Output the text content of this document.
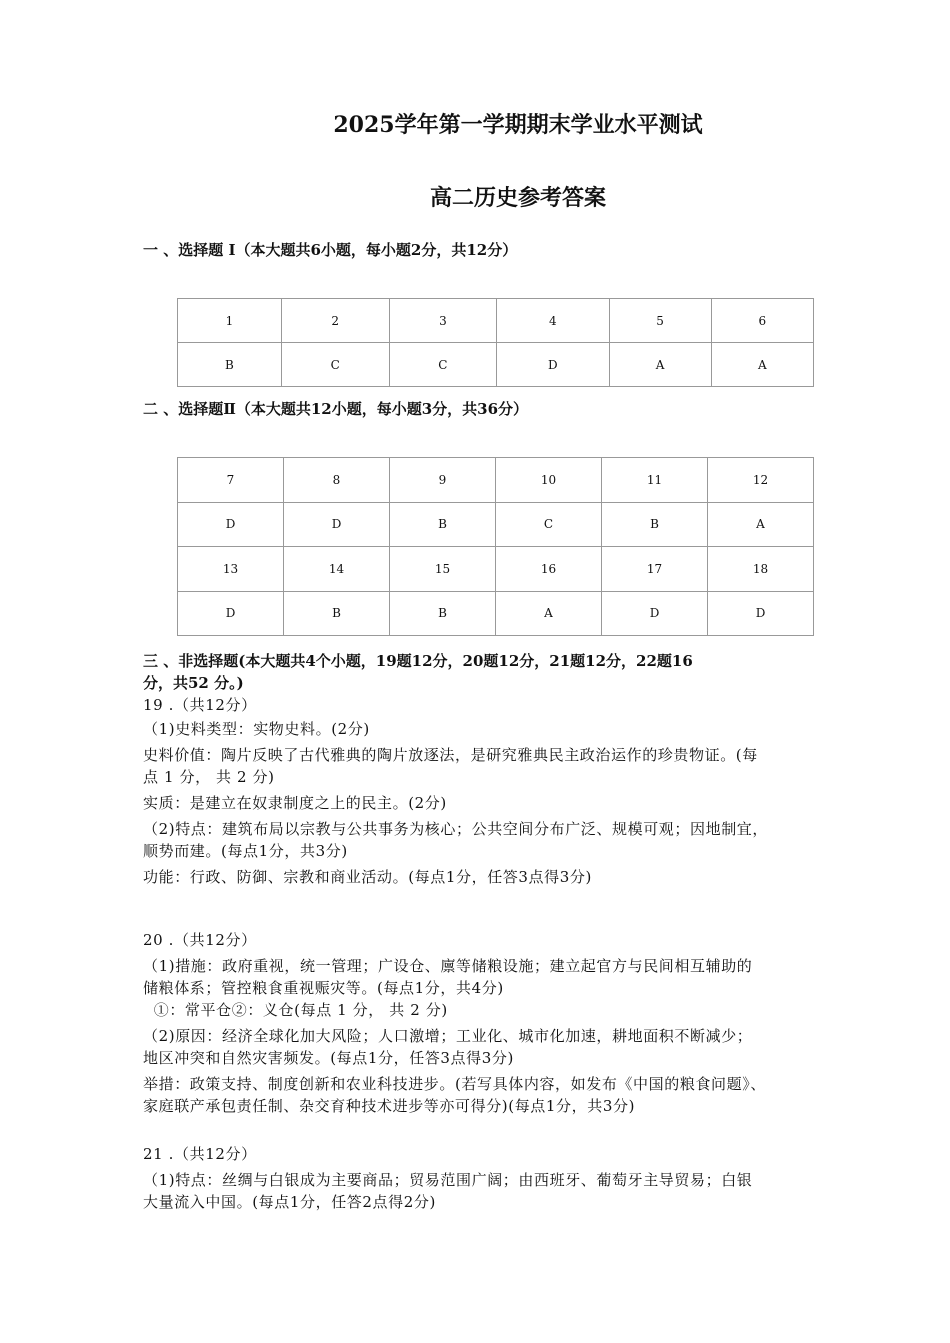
2025学年第一学期期末学业水平测试
高二历史参考答案
一 、选择题 Ⅰ（本大题共6小题，每小题2分，共12分）
1	2	3	4	5	6
B	C	C	D	A	A
二 、选择题Ⅱ（本大题共12小题，每小题3分，共36分）
7	8	9	10	11	12
D	D	B	C	B	A
13	14	15	16	17	18
D	B	B	A	D	D
三 、非选择题(本大题共4个小题，19题12分，20题12分，21题12分，22题16
分，共52 分。)
19 .（共12分）
（1)史料类型：实物史料。(2分)
史料价值：陶片反映了古代雅典的陶片放逐法，是研究雅典民主政治运作的珍贵物证。(每
点 1 分， 共 2 分)
实质：是建立在奴隶制度之上的民主。(2分)
（2)特点：建筑布局以宗教与公共事务为核心；公共空间分布广泛、规模可观；因地制宜，
顺势而建。(每点1分，共3分)
功能：行政、防御、宗教和商业活动。(每点1分，任答3点得3分)
20 .（共12分）
（1)措施：政府重视，统一管理；广设仓、廪等储粮设施；建立起官方与民间相互辅助的
储粮体系；管控粮食重视赈灾等。(每点1分，共4分)
①：常平仓②：义仓(每点 1 分， 共 2 分)
（2)原因：经济全球化加大风险；人口激增；工业化、城市化加速，耕地面积不断减少；
地区冲突和自然灾害频发。(每点1分，任答3点得3分)
举措：政策支持、制度创新和农业科技进步。(若写具体内容，如发布《中国的粮食问题》、
家庭联产承包责任制、杂交育种技术进步等亦可得分)(每点1分，共3分)
21 .（共12分）
（1)特点：丝绸与白银成为主要商品；贸易范围广阔；由西班牙、葡萄牙主导贸易；白银
大量流入中国。(每点1分，任答2点得2分)
